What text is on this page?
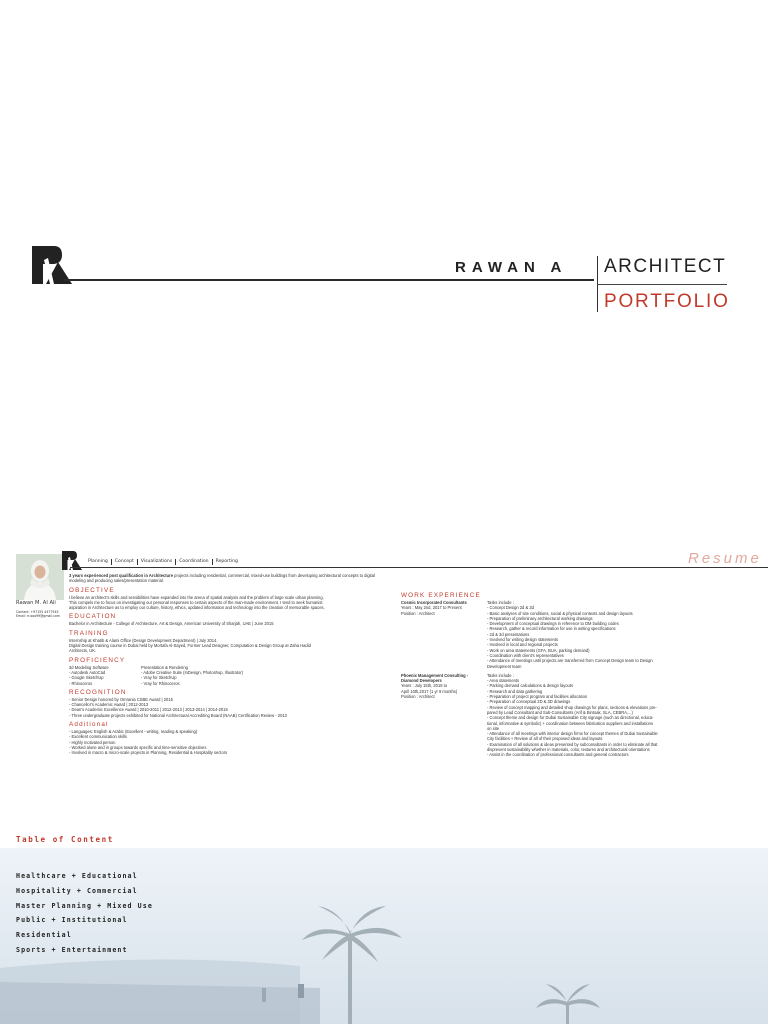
RAWAN A ARCHITECT
PORTFOLIO
Resume
Rawan M. Al Ali
Contact: +97155 4477945
Email: rr.ooo99@gmail.com
Planning Concept Visualizations Coordination Reporting
3 years experienced post qualification in Architecture projects including residential, commercial, mixed-use buildings from developing architectural concepts to digital modeling and producing sales/presentation material.
OBJECTIVE
I believe an architect's skills and sensibilities have expanded into the arena of spatial analysis and the problem of large scale urban planning.
This compels me to focus on investigating our personal responses to certain aspects of the man-made environment. I tend to seek humanist
aspiration in Architecture as to employ our culture, history, ethics, updated information and technology into the creation of memorable spaces.
EDUCATION
Bachelor in Architecture - College of Architecture, Art & Design, American University of Sharjah, UAE | June 2015
TRAINING
Internship at Khatib & Alami Office (Design Development Department) | July 2014.
Digital Design training course in Dubai held by Mortafa Al-Sayed, Former Lead Designer, Computation & Design Group at Zaha Hadid
Architects, UK.
PROFICIENCY
3d Modeling Software
- Autodesk AutoCad
- Google SketchUp
- Rhinoceros
Presentation & Rendering
- Adobe Creative Suite (InDesign, Photoshop, Illustrator)
- Vray for SketchUp
- Vray for Rhinoceros
RECOGNITION
- Senior Design honored by Omrania CSBE Award | 2015
- Chancellor's Academic Award | 2012-2013
- Dean's Academic Excellence Award | 2010-2011 | 2012-2013 | 2013-2014 | 2014-2015
- Three undergraduate projects exhibited for National Architectural Accrediting Board (NAAB) Certification Review - 2013
Additional
- Languages: English & Arabic (Excellent - writing, reading & speaking)
- Excellent communication skills
- Highly motivated person
- Worked alone and in groups towards specific and time-sensitive objectives
- Involved in macro & micro-scale projects in Planning, Residential & Hospitality sectors
WORK EXPERIENCE
Cosmic Incorporated Consultants
Years : May 2nd, 2017 to Present
Position : Architect
Tasks include :
- Concept Design 2d & 3d
- Basic analyses of site conditions, social & physical contexts and design layouts
- Preparation of preliminary architectural working drawings
- Development of conceptual drawings in reference to DM building codes
- Research, gather & record information for use in writing specifications
- 2d & 3d presentations
- Involved for writing design statements
- Involved in local and regional projects
- Work on area statements (GFA, BUA, parking demand)
- Coordination with client's representatives
- Attendance of meetings until projects are transferred from Concept Design team to Design
Development team
Phoenix Management Consulting - Diamond Developers
Years : July 15th, 2015 to
April 10th,2017 (1 yr 9 months)
Position : Architect
Tasks include :
- Area statements
- Parking demand calculations & design layouts
- Research and data gathering
- Preparation of project program and facilities allocation
- Preparation of conceptual 2D & 3D drawings
- Review of concept mapping and detailed shop drawings for plans, sections & elevations pre-
pared by Lead Consultant and Sub-Consultants (Arif & Bintoak, SLA, CEBRA,...)
- Concept theme and design for Dubai Sustainable City signage (such as directional, educa-
tional, informative & symbolic) + coordination between fabrication suppliers and installations
on site
- Attendance of all meetings with interior design firms for concept themes of Dubai Sustainable
City facilities + Review of all of their proposed ideas and layouts
- Examination of all solutions & ideas presented by subconsultants in order to eliminate all that
disprevent sustainability whether in materials, color, textures and architectural orientations
- Assist in the coordination of professional consultants and general contractors
Table of Content
Healthcare + Educational
Hospitality + Commercial
Master Planning + Mixed Use
Public + Institutional
Residential
Sports + Entertainment
